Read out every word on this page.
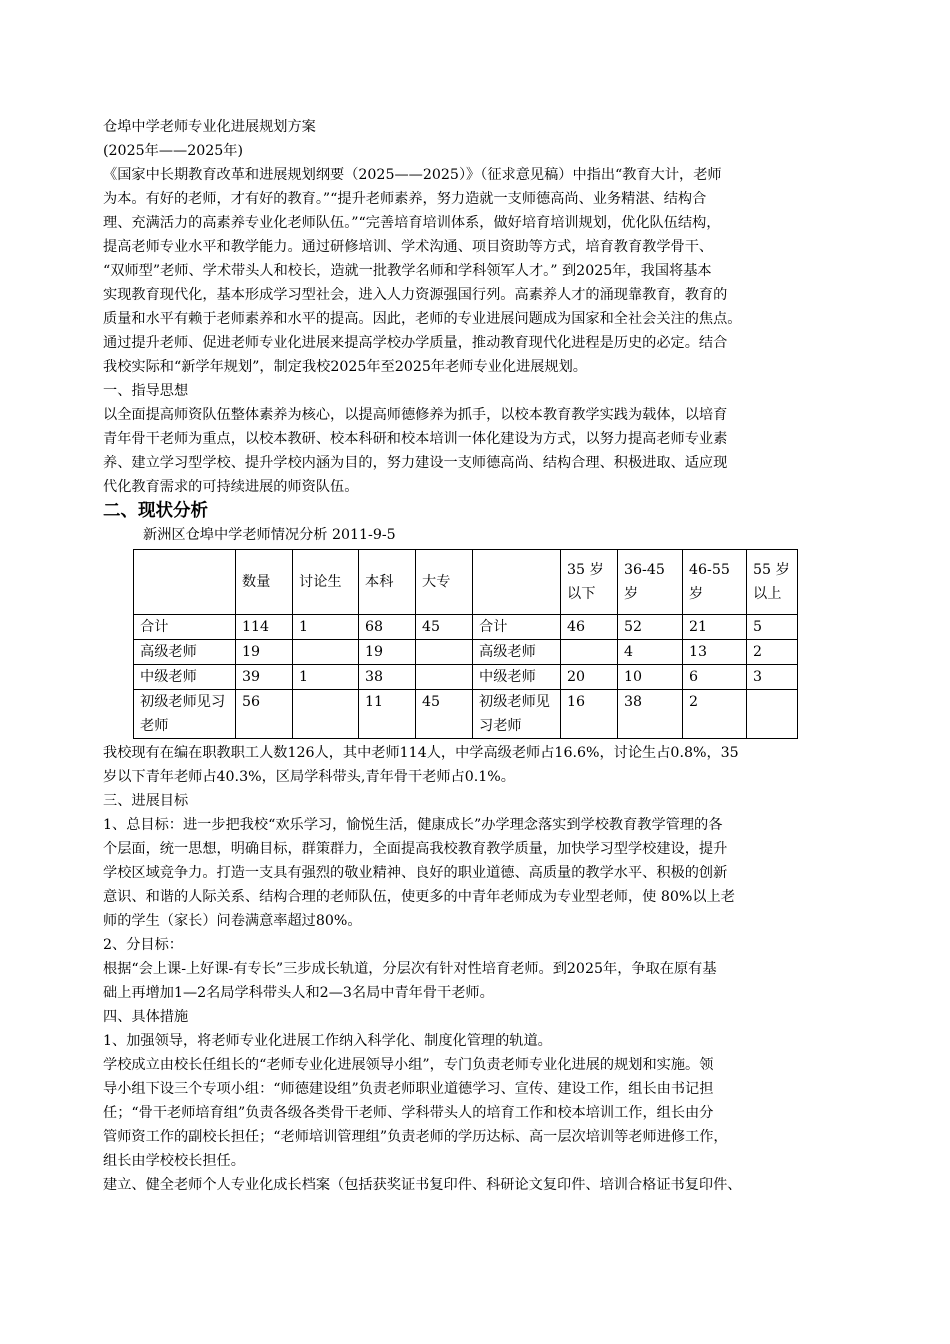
仓埠中学老师专业化进展规划方案

(2025年——2025年)

《国家中长期教育改革和进展规划纲要（2025——2025）》（征求意见稿）中指出“教育大计，老师

为本。有好的老师，才有好的教育。”“提升老师素养，努力造就一支师德高尚、业务精湛、结构合

理、充满活力的高素养专业化老师队伍。”“完善培育培训体系，做好培育培训规划，优化队伍结构，

提高老师专业水平和教学能力。通过研修培训、学术沟通、项目资助等方式，培育教育教学骨干、

“双师型”老师、学术带头人和校长，造就一批教学名师和学科领军人才。” 到2025年，我国将基本

实现教育现代化，基本形成学习型社会，进入人力资源强国行列。高素养人才的涌现靠教育，教育的

质量和水平有赖于老师素养和水平的提高。因此，老师的专业进展问题成为国家和全社会关注的焦点。

通过提升老师、促进老师专业化进展来提高学校办学质量，推动教育现代化进程是历史的必定。结合

我校实际和“新学年规划”，制定我校2025年至2025年老师专业化进展规划。

一、指导思想

以全面提高师资队伍整体素养为核心，以提高师德修养为抓手，以校本教育教学实践为载体，以培育

青年骨干老师为重点，以校本教研、校本科研和校本培训一体化建设为方式，以努力提高老师专业素

养、建立学习型学校、提升学校内涵为目的，努力建设一支师德高尚、结构合理、积极进取、适应现

代化教育需求的可持续进展的师资队伍。

二、现状分析

新洲区仓埠中学老师情况分析 2011-9-5

	数量	讨论生	本科	大专		35 岁以下	36-45 岁	46-55 岁	55 岁以上
合计	114	1	68	45	合计	46	52	21	5
高级老师	19		19		高级老师		4	13	2
中级老师	39	1	38		中级老师	20	10	6	3
初级老师见习老师	56		11	45	初级老师见习老师	16	38	2	

我校现有在编在职教职工人数126人，其中老师114人，中学高级老师占16.6%，讨论生占0.8%，35

岁以下青年老师占40.3%，区局学科带头,青年骨干老师占0.1%。

三、进展目标

1、总目标：进一步把我校“欢乐学习，愉悦生活，健康成长”办学理念落实到学校教育教学管理的各

个层面，统一思想，明确目标，群策群力，全面提高我校教育教学质量，加快学习型学校建设，提升

学校区域竞争力。打造一支具有强烈的敬业精神、良好的职业道德、高质量的教学水平、积极的创新

意识、和谐的人际关系、结构合理的老师队伍，使更多的中青年老师成为专业型老师，使 80%以上老

师的学生（家长）问卷满意率超过80%。

2、分目标：

根据“会上课-上好课-有专长”三步成长轨道，分层次有针对性培育老师。到2025年，争取在原有基

础上再增加1—2名局学科带头人和2—3名局中青年骨干老师。

四、具体措施

1、加强领导，将老师专业化进展工作纳入科学化、制度化管理的轨道。

学校成立由校长任组长的“老师专业化进展领导小组”，专门负责老师专业化进展的规划和实施。领

导小组下设三个专项小组：“师德建设组”负责老师职业道德学习、宣传、建设工作，组长由书记担

任；“骨干老师培育组”负责各级各类骨干老师、学科带头人的培育工作和校本培训工作，组长由分

管师资工作的副校长担任；“老师培训管理组”负责老师的学历达标、高一层次培训等老师进修工作，

组长由学校校长担任。

建立、健全老师个人专业化成长档案（包括获奖证书复印件、科研论文复印件、培训合格证书复印件、
